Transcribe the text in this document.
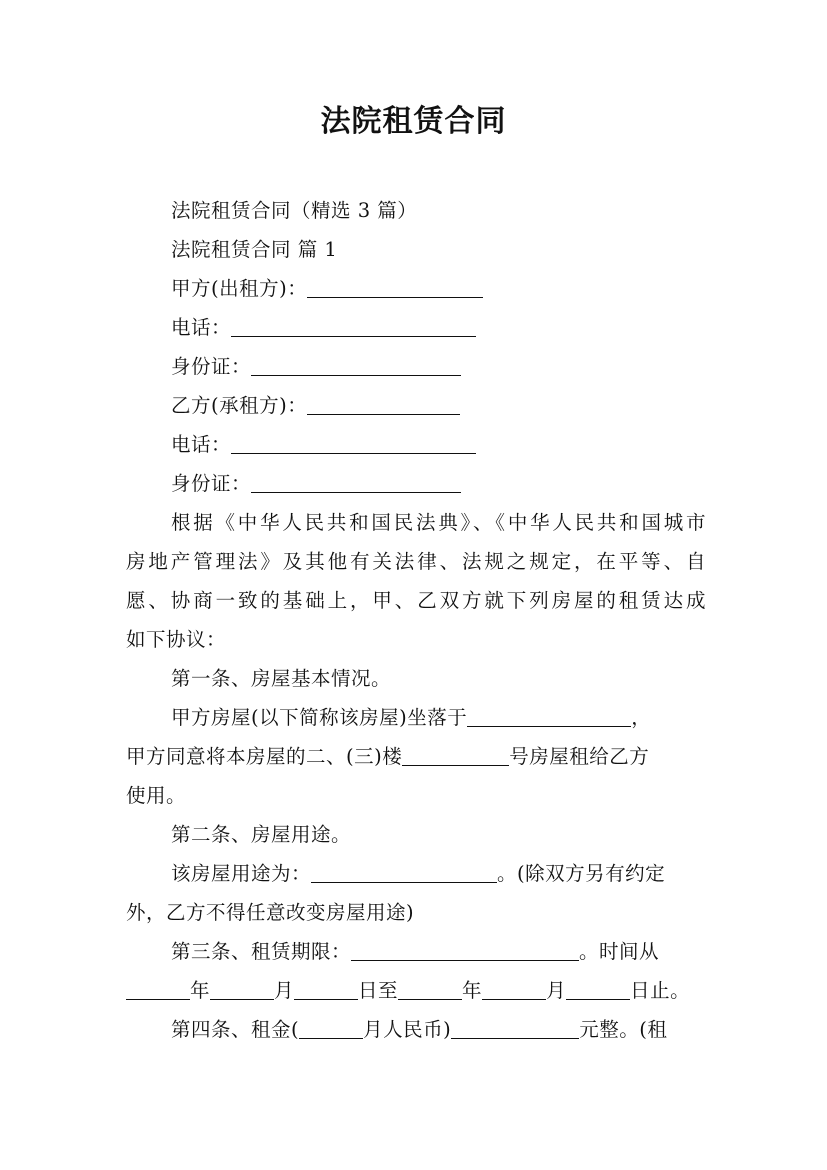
法院租赁合同
法院租赁合同（精选 3 篇）
法院租赁合同 篇 1
甲方(出租方)：
电话：
身份证：
乙方(承租方)：
电话：
身份证：
根据《中华人民共和国民法典》、《中华人民共和国城市
房地产管理法》及其他有关法律、法规之规定，在平等、自
愿、协商一致的基础上，甲、乙双方就下列房屋的租赁达成
如下协议：
第一条、房屋基本情况。
甲方房屋(以下简称该房屋)坐落于	，
甲方同意将本房屋的二、(三)楼	号房屋租给乙方
使用。
第二条、房屋用途。
该房屋用途为：	。(除双方另有约定
外，乙方不得任意改变房屋用途)
第三条、租赁期限：	。时间从
年	月	日至	年	月	日止。
第四条、租金(	月人民币)	元整。(租
